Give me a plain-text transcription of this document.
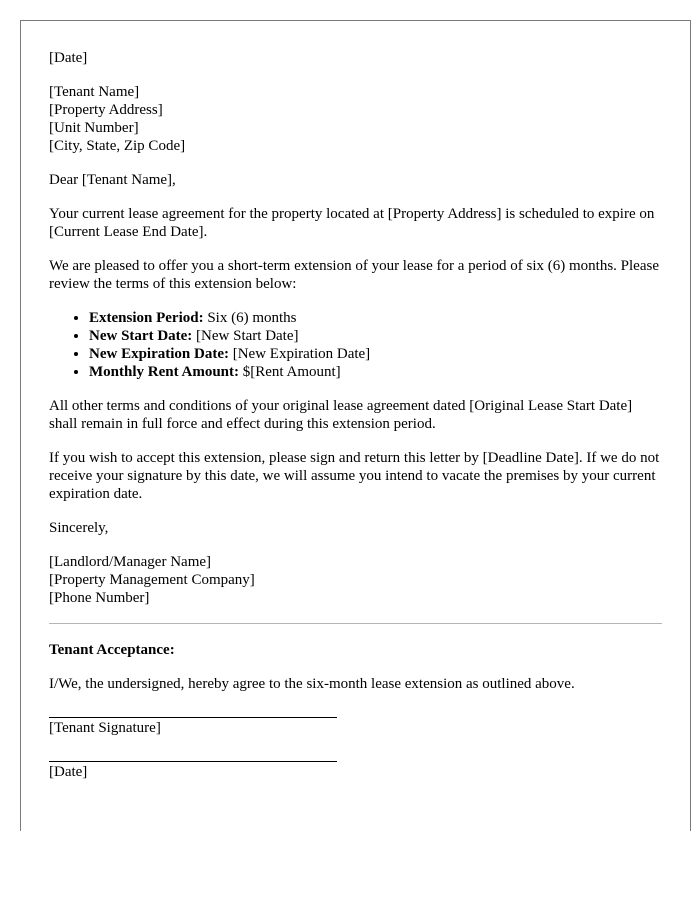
[Date]
[Tenant Name]
[Property Address]
[Unit Number]
[City, State, Zip Code]

Dear [Tenant Name],

Your current lease agreement for the property located at [Property Address] is scheduled to expire on [Current Lease End Date].

We are pleased to offer you a short-term extension of your lease for a period of six (6) months. Please review the terms of this extension below:

• Extension Period: Six (6) months
• New Start Date: [New Start Date]
• New Expiration Date: [New Expiration Date]
• Monthly Rent Amount: $[Rent Amount]

All other terms and conditions of your original lease agreement dated [Original Lease Start Date] shall remain in full force and effect during this extension period.

If you wish to accept this extension, please sign and return this letter by [Deadline Date]. If we do not receive your signature by this date, we will assume you intend to vacate the premises by your current expiration date.

Sincerely,

[Landlord/Manager Name]
[Property Management Company]
[Phone Number]
Tenant Acceptance:

I/We, the undersigned, hereby agree to the six-month lease extension as outlined above.

[Tenant Signature]
[Date]
